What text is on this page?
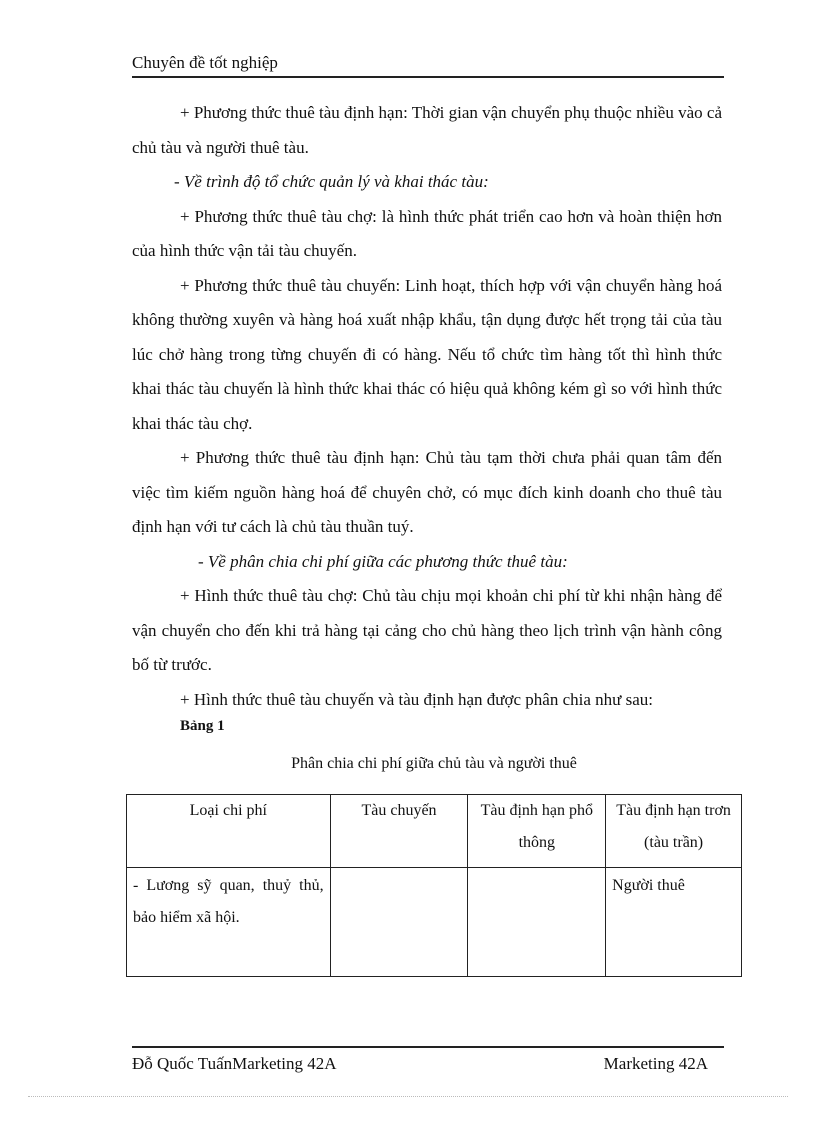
Chuyên đề tốt nghiệp

+ Phương thức thuê tàu định hạn: Thời gian vận chuyển phụ thuộc nhiều vào cả chủ tàu và người thuê tàu.

- Về trình độ tổ chức quản lý và khai thác tàu:

+ Phương thức thuê tàu chợ: là hình thức phát triển cao hơn và hoàn thiện hơn của hình thức vận tải tàu chuyến.

+ Phương thức thuê tàu chuyến: Linh hoạt, thích hợp với vận chuyển hàng hoá không thường xuyên và hàng hoá xuất nhập khẩu, tận dụng được hết trọng tải của tàu lúc chở hàng trong từng chuyến đi có hàng. Nếu tổ chức tìm hàng tốt thì hình thức khai thác tàu chuyến là hình thức khai thác có hiệu quả không kém gì so với hình thức khai thác tàu chợ.

+ Phương thức thuê tàu định hạn: Chủ tàu tạm thời chưa phải quan tâm đến việc tìm kiếm nguồn hàng hoá để chuyên chở, có mục đích kinh doanh cho thuê tàu định hạn với tư cách là chủ tàu thuần tuý.

- Về phân chia chi phí giữa các phương thức thuê tàu:

+ Hình thức thuê tàu chợ: Chủ tàu chịu mọi khoản chi phí từ khi nhận hàng để vận chuyển cho đến khi trả hàng tại cảng cho chủ hàng theo lịch trình vận hành công bố từ trước.

+ Hình thức thuê tàu chuyến và tàu định hạn được phân chia như sau:

Bảng 1
Phân chia chi phí giữa chủ tàu và người thuê
Loại chi phí	Tàu chuyến	Tàu định hạn phổ thông	Tàu định hạn trơn (tàu trần)
- Lương sỹ quan, thuỷ thủ, bảo hiểm xã hội.			Người thuê
Đỗ Quốc TuấnMarketing 42A	Marketing 42A
